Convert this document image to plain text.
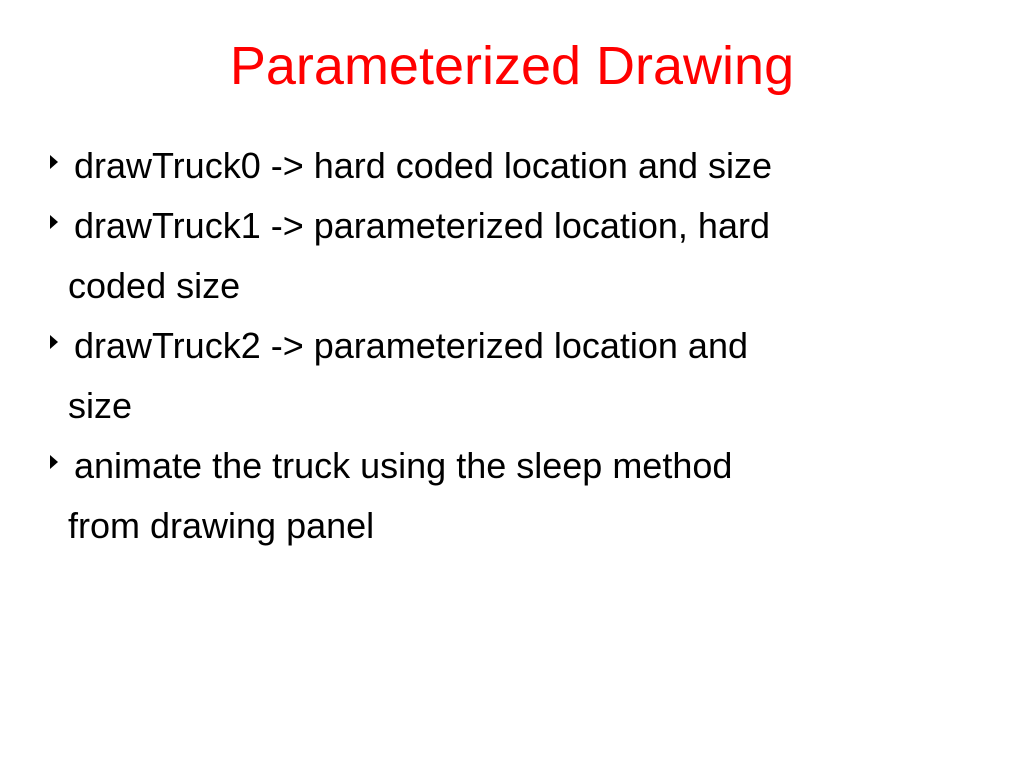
Parameterized Drawing
drawTruck0 -> hard coded location and size
drawTruck1 -> parameterized location, hard
coded size
drawTruck2 -> parameterized location and
size
animate the truck using the sleep method
from drawing panel
